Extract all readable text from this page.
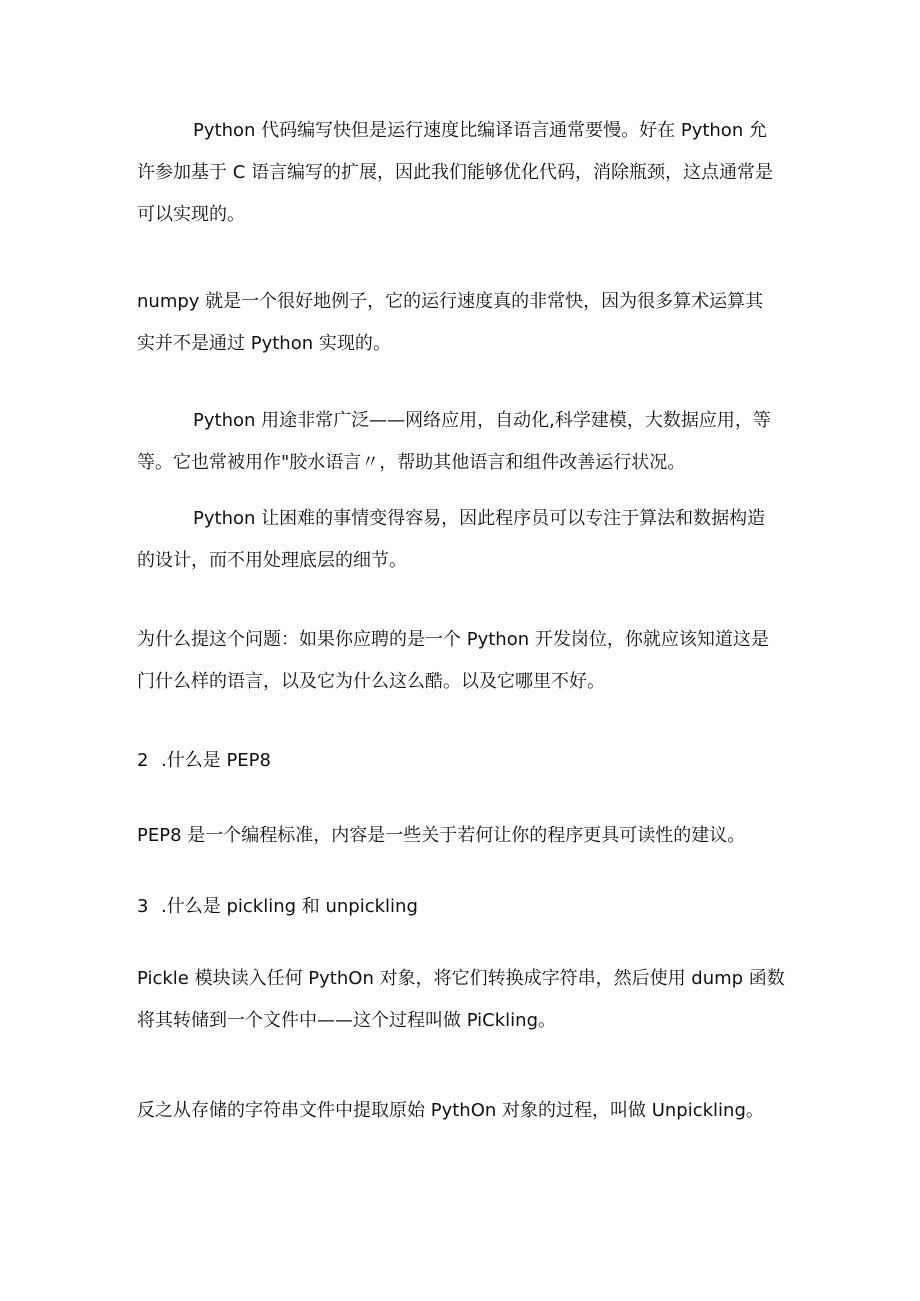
Python 代码编写快但是运行速度比编译语言通常要慢。好在 Python 允
许参加基于 C 语言编写的扩展，因此我们能够优化代码，消除瓶颈，这点通常是
可以实现的。
numpy 就是一个很好地例子，它的运行速度真的非常快，因为很多算术运算其
实并不是通过 Python 实现的。
Python 用途非常广泛——网络应用，自动化,科学建模，大数据应用，等
等。它也常被用作"胶水语言〃，帮助其他语言和组件改善运行状况。
Python 让困难的事情变得容易，因此程序员可以专注于算法和数据构造
的设计，而不用处理底层的细节。
为什么提这个问题：如果你应聘的是一个 Python 开发岗位，你就应该知道这是
门什么样的语言，以及它为什么这么酷。以及它哪里不好。
2 .什么是 PEP8
PEP8 是一个编程标准，内容是一些关于若何让你的程序更具可读性的建议。
3 .什么是 pickling 和 unpickling
Pickle 模块读入任何 PythOn 对象，将它们转换成字符串，然后使用 dump 函数
将其转储到一个文件中——这个过程叫做 PiCkling。
反之从存储的字符串文件中提取原始 PythOn 对象的过程，叫做 Unpickling。
